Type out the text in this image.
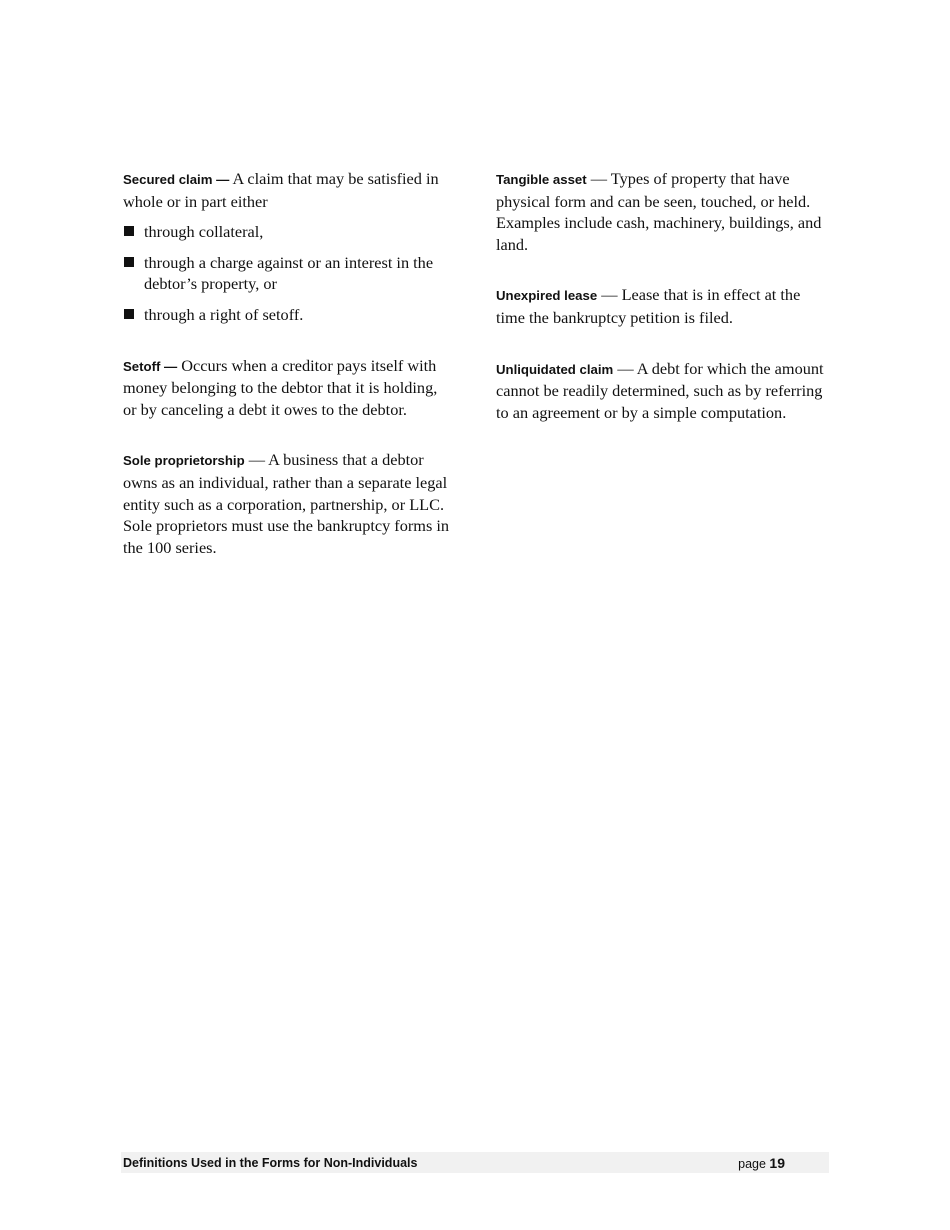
Secured claim — A claim that may be satisfied in whole or in part either

through collateral,
through a charge against or an interest in the debtor’s property, or
through a right of setoff.

Setoff — Occurs when a creditor pays itself with money belonging to the debtor that it is holding, or by canceling a debt it owes to the debtor.

Sole proprietorship — A business that a debtor owns as an individual, rather than a separate legal entity such as a corporation, partnership, or LLC. Sole proprietors must use the bankruptcy forms in the 100 series.

Tangible asset — Types of property that have physical form and can be seen, touched, or held. Examples include cash, machinery, buildings, and land.

Unexpired lease — Lease that is in effect at the time the bankruptcy petition is filed.

Unliquidated claim — A debt for which the amount cannot be readily determined, such as by referring to an agreement or by a simple computation.

Definitions Used in the Forms for Non-Individuals	page 19
